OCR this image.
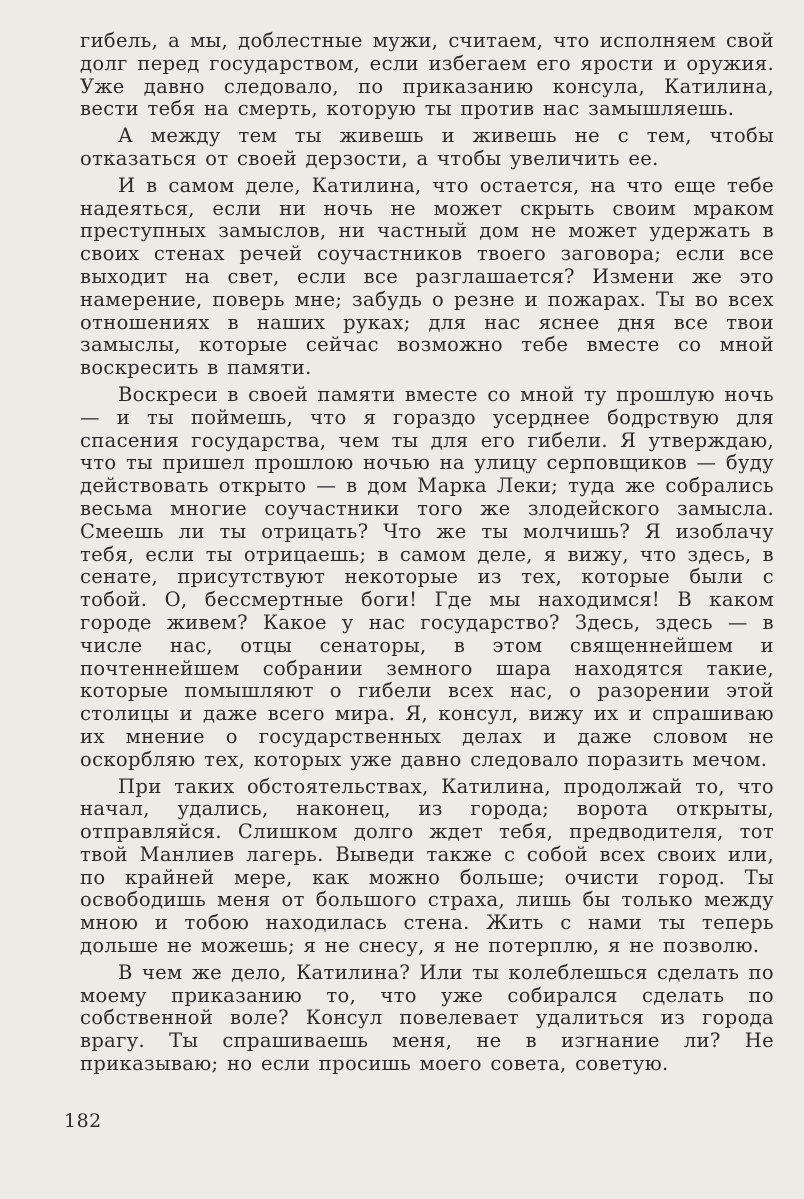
гибель, а мы, доблестные мужи, считаем, что исполняем свой долг перед государством, если избегаем его ярости и оружия. Уже давно следовало, по приказанию консула, Катилина, вести тебя на смерть, которую ты против нас замышляешь.

А между тем ты живешь и живешь не с тем, чтобы отказаться от своей дерзости, а чтобы увеличить ее.

И в самом деле, Катилина, что остается, на что еще тебе надеяться, если ни ночь не может скрыть своим мраком преступных замыслов, ни частный дом не может удержать в своих стенах речей соучастников твоего заговора; если все выходит на свет, если все разглашается? Измени же это намерение, поверь мне; забудь о резне и пожарах. Ты во всех отношениях в наших руках; для нас яснее дня все твои замыслы, которые сейчас возможно тебе вместе со мной воскресить в памяти.

Воскреси в своей памяти вместе со мной ту прошлую ночь — и ты поймешь, что я гораздо усерднее бодрствую для спасения государства, чем ты для его гибели. Я утверждаю, что ты пришел прошлою ночью на улицу серповщиков — буду действовать открыто — в дом Марка Леки; туда же собрались весьма многие соучастники того же злодейского замысла. Смеешь ли ты отрицать? Что же ты молчишь? Я изоблачу тебя, если ты отрицаешь; в самом деле, я вижу, что здесь, в сенате, присутствуют некоторые из тех, которые были с тобой. О, бессмертные боги! Где мы находимся! В каком городе живем? Какое у нас государство? Здесь, здесь — в числе нас, отцы сенаторы, в этом священнейшем и почтеннейшем собрании земного шара находятся такие, которые помышляют о гибели всех нас, о разорении этой столицы и даже всего мира. Я, консул, вижу их и спрашиваю их мнение о государственных делах и даже словом не оскорбляю тех, которых уже давно следовало поразить мечом.

При таких обстоятельствах, Катилина, продолжай то, что начал, удались, наконец, из города; ворота открыты, отправляйся. Слишком долго ждет тебя, предводителя, тот твой Манлиев лагерь. Выведи также с собой всех своих или, по крайней мере, как можно больше; очисти город. Ты освободишь меня от большого страха, лишь бы только между мною и тобою находилась стена. Жить с нами ты теперь дольше не можешь; я не снесу, я не потерплю, я не позволю.

В чем же дело, Катилина? Или ты колеблешься сделать по моему приказанию то, что уже собирался сделать по собственной воле? Консул повелевает удалиться из города врагу. Ты спрашиваешь меня, не в изгнание ли? Не приказываю; но если просишь моего совета, советую.

182
